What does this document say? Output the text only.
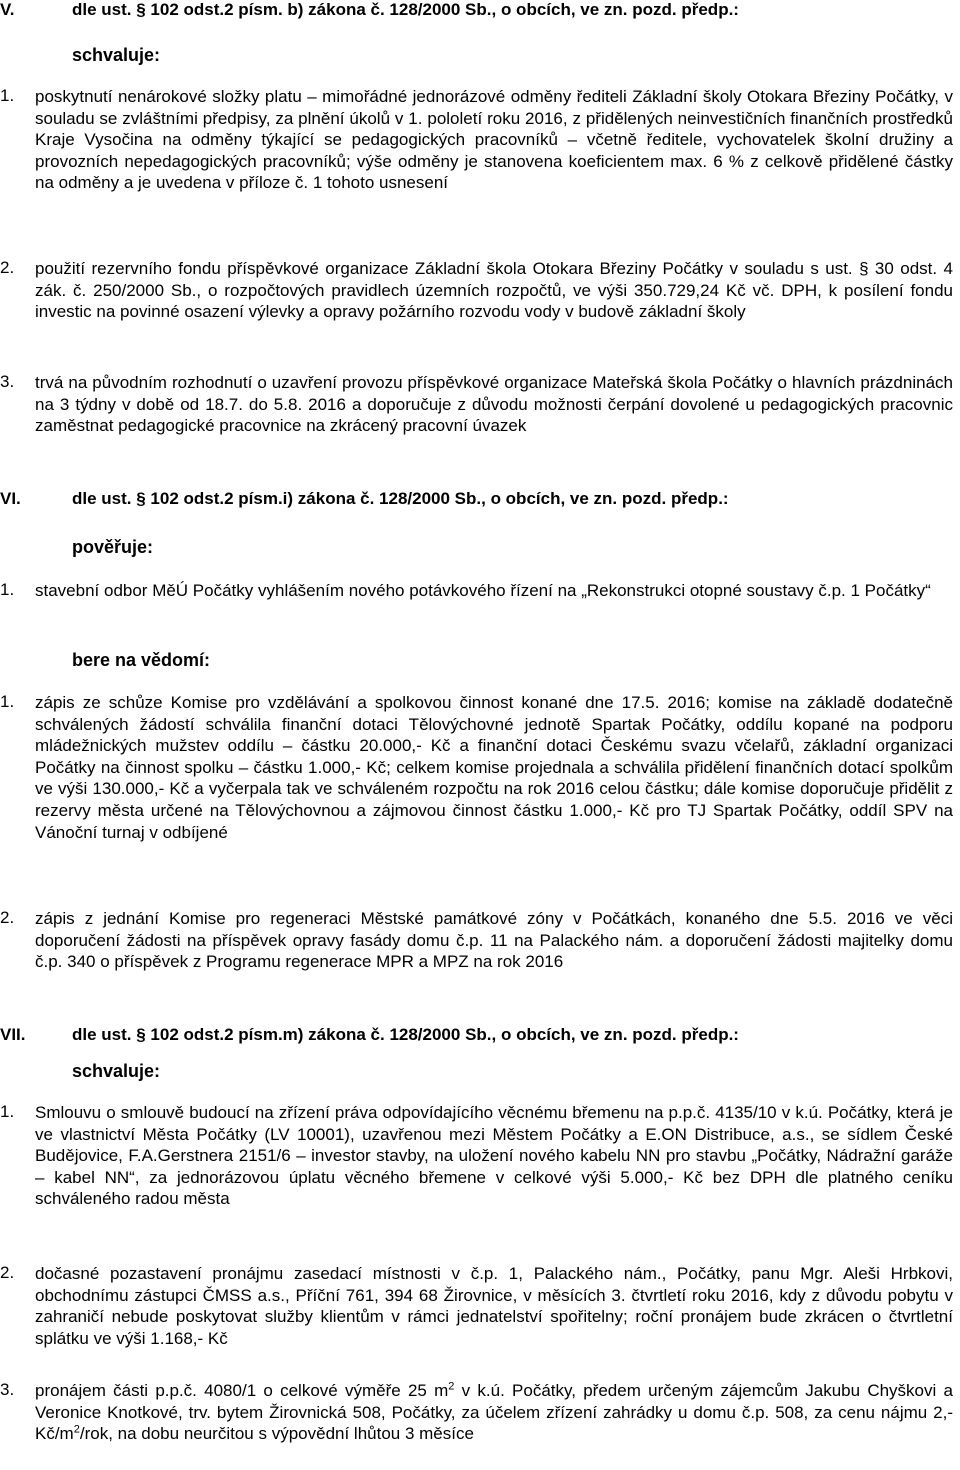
V.	dle ust. § 102 odst.2 písm. b) zákona č. 128/2000 Sb., o obcích, ve zn. pozd. předp.:
schvaluje:
1. poskytnutí nenárokové složky platu – mimořádné jednorázové odměny řediteli Základní školy Otokara Březiny Počátky, v souladu se zvláštními předpisy, za plnění úkolů v 1. pololetí roku 2016, z přidělených neinvestičních finančních prostředků Kraje Vysočina na odměny týkající se pedagogických pracovníků – včetně ředitele, vychovatelek školní družiny a provozních nepedagogických pracovníků; výše odměny je stanovena koeficientem max. 6 % z celkově přidělené částky na odměny a je uvedena v příloze č. 1 tohoto usnesení
2. použití rezervního fondu příspěvkové organizace Základní škola Otokara Březiny Počátky v souladu s ust. § 30 odst. 4 zák. č. 250/2000 Sb., o rozpočtových pravidlech územních rozpočtů, ve výši 350.729,24 Kč vč. DPH, k posílení fondu investic na povinné osazení výlevky a opravy požárního rozvodu vody v budově základní školy
3. trvá na původním rozhodnutí o uzavření provozu příspěvkové organizace Mateřská škola Počátky o hlavních prázdninách na 3 týdny v době od 18.7. do 5.8. 2016 a doporučuje z důvodu možnosti čerpání dovolené u pedagogických pracovnic zaměstnat pedagogické pracovnice na zkrácený pracovní úvazek
VI.	dle ust. § 102 odst.2 písm.i) zákona č. 128/2000 Sb., o obcích, ve zn. pozd. předp.:
pověřuje:
1. stavební odbor MěÚ Počátky vyhlášením nového potávkového řízení na „Rekonstrukci otopné soustavy č.p. 1 Počátky“
bere na vědomí:
1. zápis ze schůze Komise pro vzdělávání a spolkovou činnost konané dne 17.5. 2016; komise na základě dodatečně schválených žádostí schválila finanční dotaci Tělovýchovné jednotě Spartak Počátky, oddílu kopané na podporu mládežnických mužstev oddílu – částku 20.000,- Kč a finanční dotaci Českému svazu včelařů, základní organizaci Počátky na činnost spolku – částku 1.000,- Kč; celkem komise projednala a schválila přidělení finančních dotací spolkům ve výši 130.000,- Kč a vyčerpala tak ve schváleném rozpočtu na rok 2016 celou částku; dále komise doporučuje přidělit z rezervy města určené na Tělovýchovnou a zájmovou činnost částku 1.000,- Kč pro TJ Spartak Počátky, oddíl SPV na Vánoční turnaj v odbíjené
2. zápis z jednání Komise pro regeneraci Městské památkové zóny v Počátkách, konaného dne 5.5. 2016 ve věci doporučení žádosti na příspěvek opravy fasády domu č.p. 11 na Palackého nám. a doporučení žádosti majitelky domu č.p. 340 o příspěvek z Programu regenerace MPR a MPZ na rok 2016
VII.	dle ust. § 102 odst.2 písm.m) zákona č. 128/2000 Sb., o obcích, ve zn. pozd. předp.:
schvaluje:
1. Smlouvu o smlouvě budoucí na zřízení práva odpovídajícího věcnému břemenu na p.p.č. 4135/10 v k.ú. Počátky, která je ve vlastnictví Města Počátky (LV 10001), uzavřenou mezi Městem Počátky a E.ON Distribuce, a.s., se sídlem České Budějovice, F.A.Gerstnera 2151/6 – investor stavby, na uložení nového kabelu NN pro stavbu „Počátky, Nádražní garáže – kabel NN“, za jednorázovou úplatu věcného břemene v celkové výši 5.000,- Kč bez DPH dle platného ceníku schváleného radou města
2. dočasné pozastavení pronájmu zasedací místnosti v č.p. 1, Palackého nám., Počátky, panu Mgr. Aleši Hrbkovi, obchodnímu zástupci ČMSS a.s., Příční 761, 394 68 Žirovnice, v měsících 3. čtvrtletí roku 2016, kdy z důvodu pobytu v zahraničí nebude poskytovat služby klientům v rámci jednatelství spořitelny; roční pronájem bude zkrácen o čtvrtletní splátku ve výši 1.168,- Kč
3. pronájem části p.p.č. 4080/1 o celkové výměře 25 $m^2$ v k.ú. Počátky, předem určeným zájemcům Jakubu Chyškovi a Veronice Knotkové, trv. bytem Žirovnická 508, Počátky, za účelem zřízení zahrádky u domu č.p. 508, za cenu nájmu 2,- $Kč/m^2$/rok, na dobu neurčitou s výpovědní lhůtou 3 měsíce
